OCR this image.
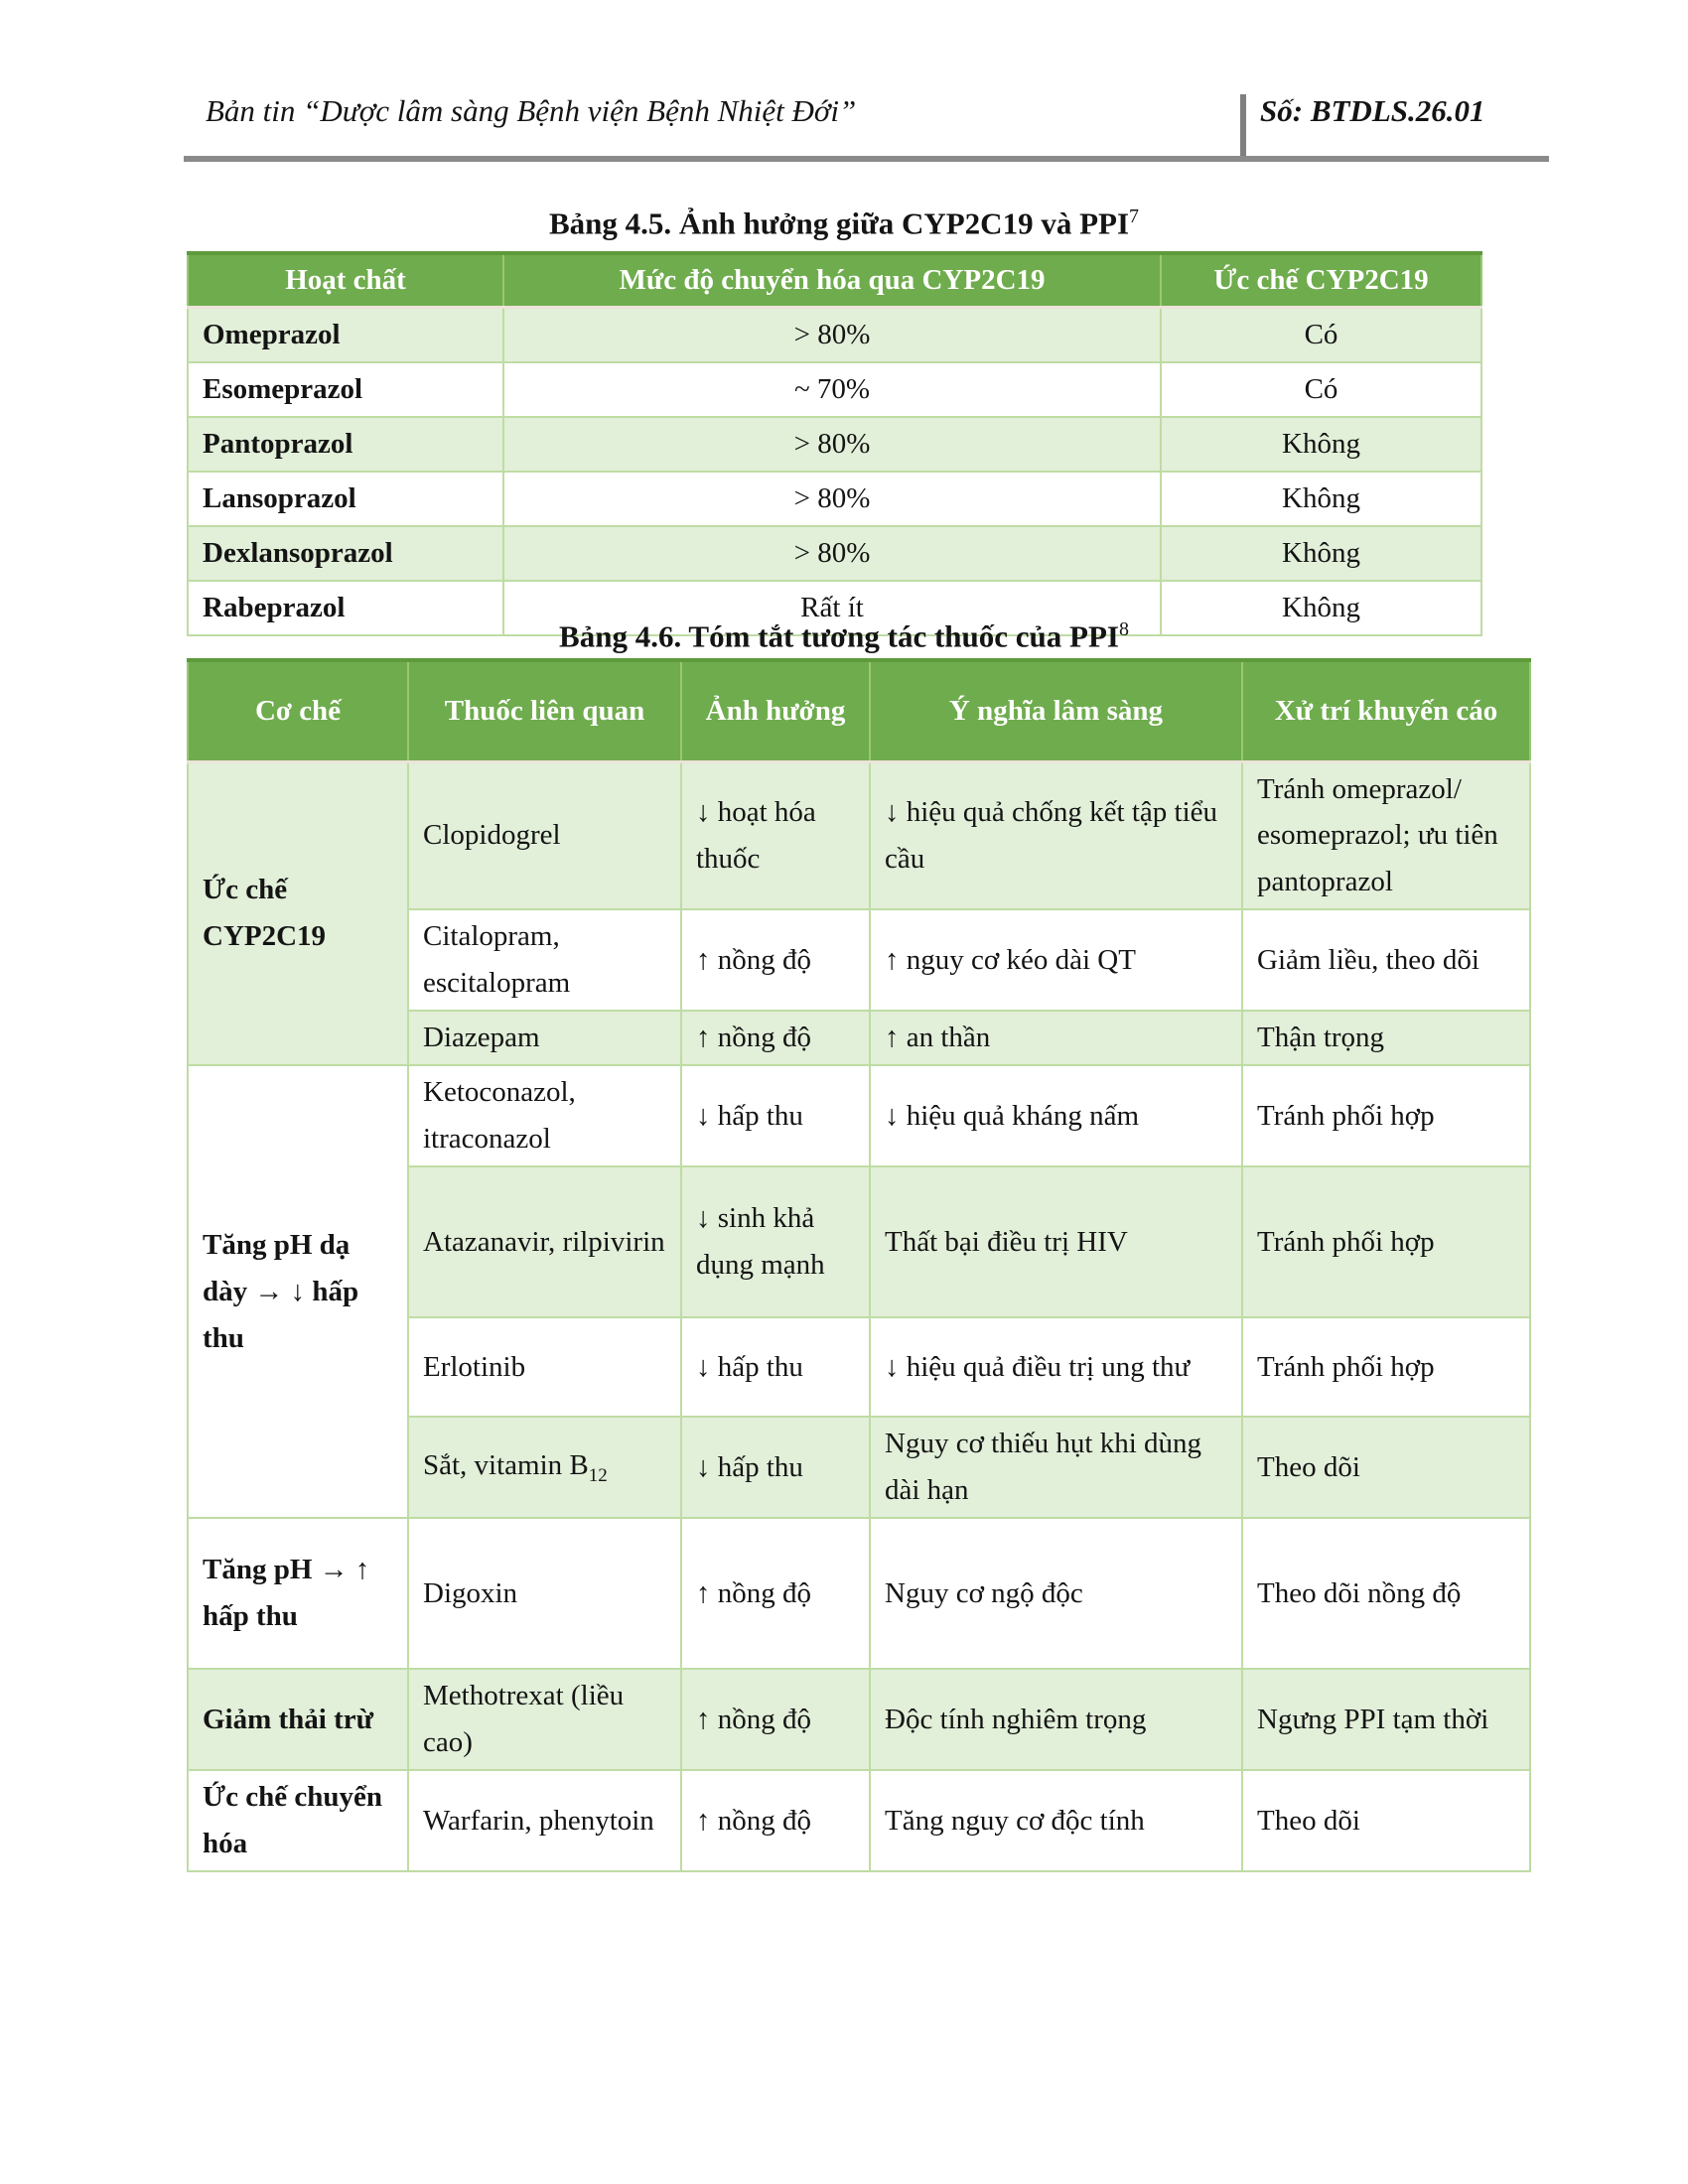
Bản tin “Dược lâm sàng Bệnh viện Bệnh Nhiệt Đới”	Số: BTDLS.26.01
Bảng 4.5. Ảnh hưởng giữa CYP2C19 và PPI$^7$
Hoạt chất	Mức độ chuyển hóa qua CYP2C19	Ức chế CYP2C19
Omeprazol	> 80%	Có
Esomeprazol	~ 70%	Có
Pantoprazol	> 80%	Không
Lansoprazol	> 80%	Không
Dexlansoprazol	> 80%	Không
Rabeprazol	Rất ít	Không
Bảng 4.6. Tóm tắt tương tác thuốc của PPI$^8$
Cơ chế	Thuốc liên quan	Ảnh hưởng	Ý nghĩa lâm sàng	Xử trí khuyến cáo
Ức chế CYP2C19	Clopidogrel	↓ hoạt hóa thuốc	↓ hiệu quả chống kết tập tiểu cầu	Tránh omeprazol/ esomeprazol; ưu tiên pantoprazol
	Citalopram, escitalopram	↑ nồng độ	↑ nguy cơ kéo dài QT	Giảm liều, theo dõi
	Diazepam	↑ nồng độ	↑ an thần	Thận trọng
Tăng pH dạ dày → ↓ hấp thu	Ketoconazol, itraconazol	↓ hấp thu	↓ hiệu quả kháng nấm	Tránh phối hợp
	Atazanavir, rilpivirin	↓ sinh khả dụng mạnh	Thất bại điều trị HIV	Tránh phối hợp
	Erlotinib	↓ hấp thu	↓ hiệu quả điều trị ung thư	Tránh phối hợp
	Sắt, vitamin $B_{12}$	↓ hấp thu	Nguy cơ thiếu hụt khi dùng dài hạn	Theo dõi
Tăng pH → ↑ hấp thu	Digoxin	↑ nồng độ	Nguy cơ ngộ độc	Theo dõi nồng độ
Giảm thải trừ	Methotrexat (liều cao)	↑ nồng độ	Độc tính nghiêm trọng	Ngưng PPI tạm thời
Ức chế chuyển hóa	Warfarin, phenytoin	↑ nồng độ	Tăng nguy cơ độc tính	Theo dõi
